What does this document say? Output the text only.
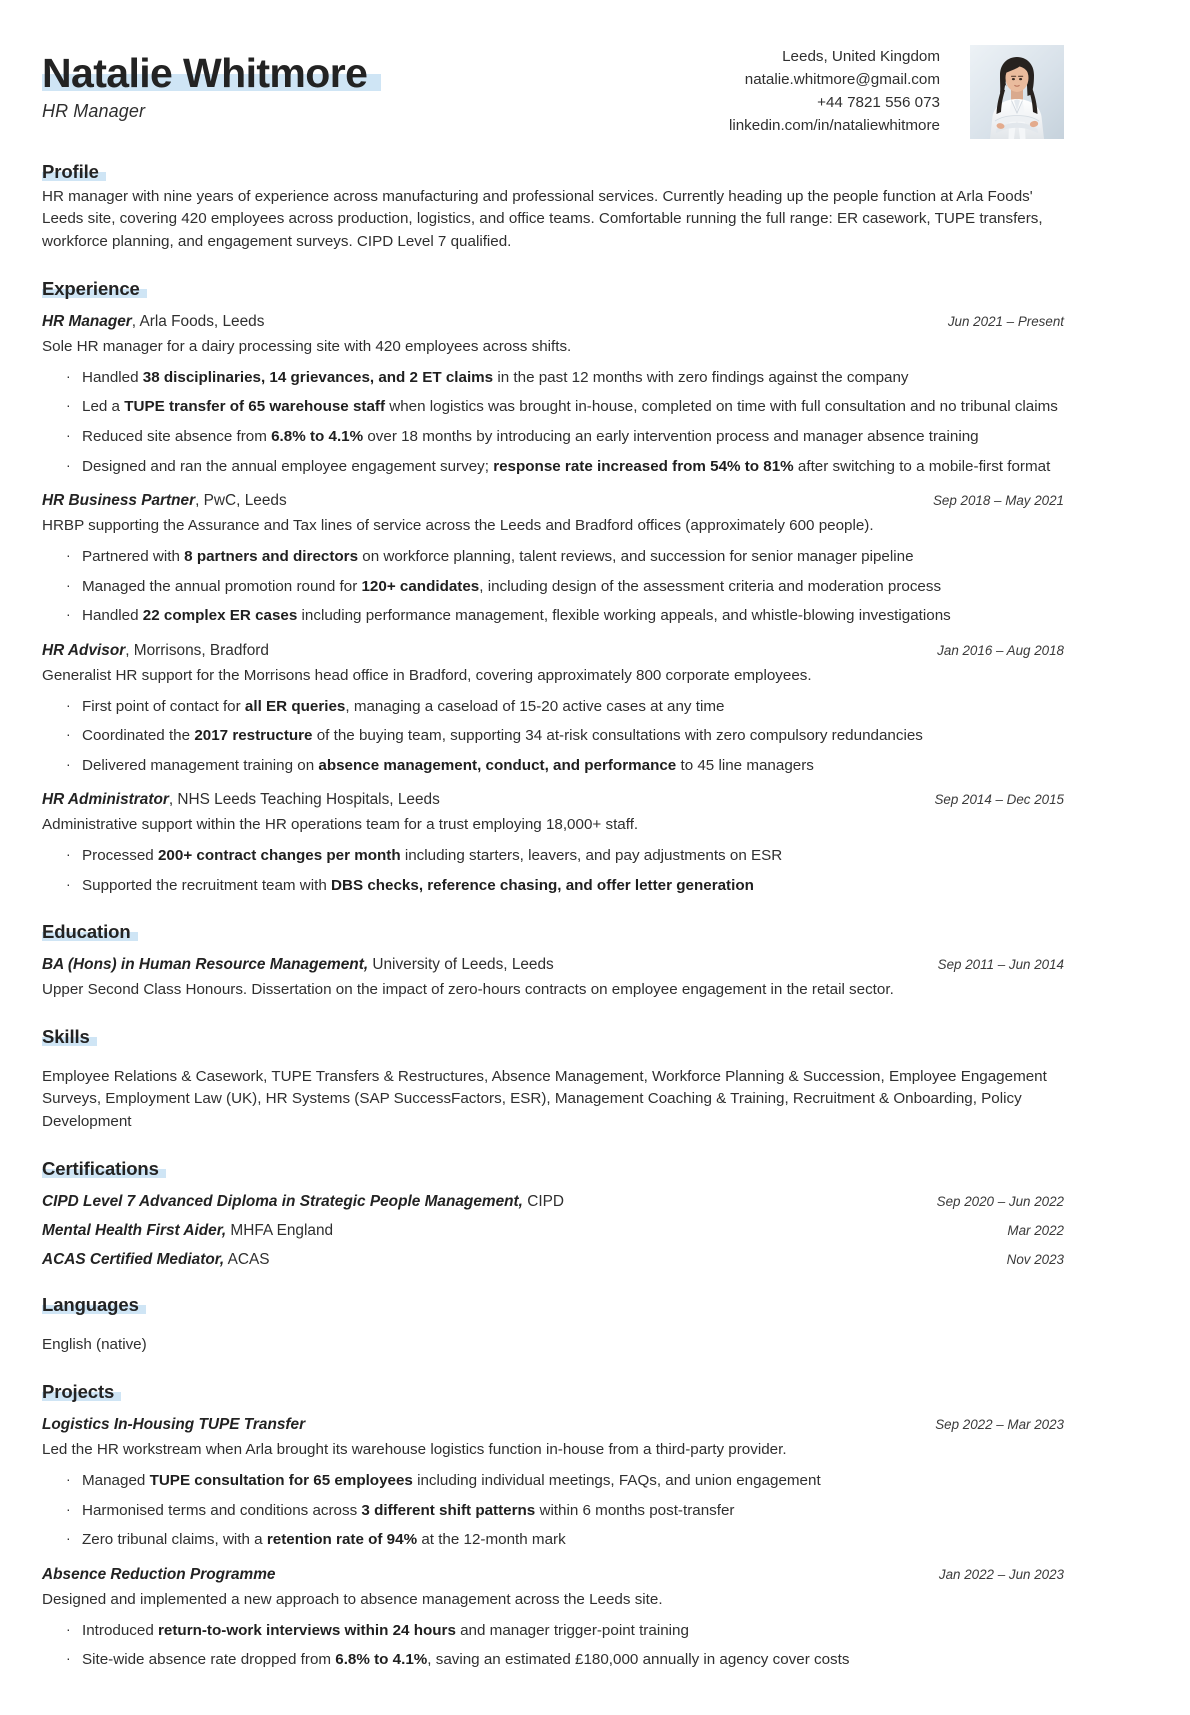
Natalie Whitmore
HR Manager
Leeds, United Kingdom
natalie.whitmore@gmail.com
+44 7821 556 073
linkedin.com/in/nataliewhitmore
Profile
HR manager with nine years of experience across manufacturing and professional services. Currently heading up the people function at Arla Foods' Leeds site, covering 420 employees across production, logistics, and office teams. Comfortable running the full range: ER casework, TUPE transfers, workforce planning, and engagement surveys. CIPD Level 7 qualified.
Experience
HR Manager, Arla Foods, Leeds	Jun 2021 – Present
Sole HR manager for a dairy processing site with 420 employees across shifts.
· Handled 38 disciplinaries, 14 grievances, and 2 ET claims in the past 12 months with zero findings against the company
· Led a TUPE transfer of 65 warehouse staff when logistics was brought in-house, completed on time with full consultation and no tribunal claims
· Reduced site absence from 6.8% to 4.1% over 18 months by introducing an early intervention process and manager absence training
· Designed and ran the annual employee engagement survey; response rate increased from 54% to 81% after switching to a mobile-first format
HR Business Partner, PwC, Leeds	Sep 2018 – May 2021
HRBP supporting the Assurance and Tax lines of service across the Leeds and Bradford offices (approximately 600 people).
· Partnered with 8 partners and directors on workforce planning, talent reviews, and succession for senior manager pipeline
· Managed the annual promotion round for 120+ candidates, including design of the assessment criteria and moderation process
· Handled 22 complex ER cases including performance management, flexible working appeals, and whistle-blowing investigations
HR Advisor, Morrisons, Bradford	Jan 2016 – Aug 2018
Generalist HR support for the Morrisons head office in Bradford, covering approximately 800 corporate employees.
· First point of contact for all ER queries, managing a caseload of 15-20 active cases at any time
· Coordinated the 2017 restructure of the buying team, supporting 34 at-risk consultations with zero compulsory redundancies
· Delivered management training on absence management, conduct, and performance to 45 line managers
HR Administrator, NHS Leeds Teaching Hospitals, Leeds	Sep 2014 – Dec 2015
Administrative support within the HR operations team for a trust employing 18,000+ staff.
· Processed 200+ contract changes per month including starters, leavers, and pay adjustments on ESR
· Supported the recruitment team with DBS checks, reference chasing, and offer letter generation
Education
BA (Hons) in Human Resource Management, University of Leeds, Leeds	Sep 2011 – Jun 2014
Upper Second Class Honours. Dissertation on the impact of zero-hours contracts on employee engagement in the retail sector.
Skills
Employee Relations & Casework, TUPE Transfers & Restructures, Absence Management, Workforce Planning & Succession, Employee Engagement Surveys, Employment Law (UK), HR Systems (SAP SuccessFactors, ESR), Management Coaching & Training, Recruitment & Onboarding, Policy Development
Certifications
CIPD Level 7 Advanced Diploma in Strategic People Management, CIPD	Sep 2020 – Jun 2022
Mental Health First Aider, MHFA England	Mar 2022
ACAS Certified Mediator, ACAS	Nov 2023
Languages
English (native)
Projects
Logistics In-Housing TUPE Transfer	Sep 2022 – Mar 2023
Led the HR workstream when Arla brought its warehouse logistics function in-house from a third-party provider.
· Managed TUPE consultation for 65 employees including individual meetings, FAQs, and union engagement
· Harmonised terms and conditions across 3 different shift patterns within 6 months post-transfer
· Zero tribunal claims, with a retention rate of 94% at the 12-month mark
Absence Reduction Programme	Jan 2022 – Jun 2023
Designed and implemented a new approach to absence management across the Leeds site.
· Introduced return-to-work interviews within 24 hours and manager trigger-point training
· Site-wide absence rate dropped from 6.8% to 4.1%, saving an estimated £180,000 annually in agency cover costs
